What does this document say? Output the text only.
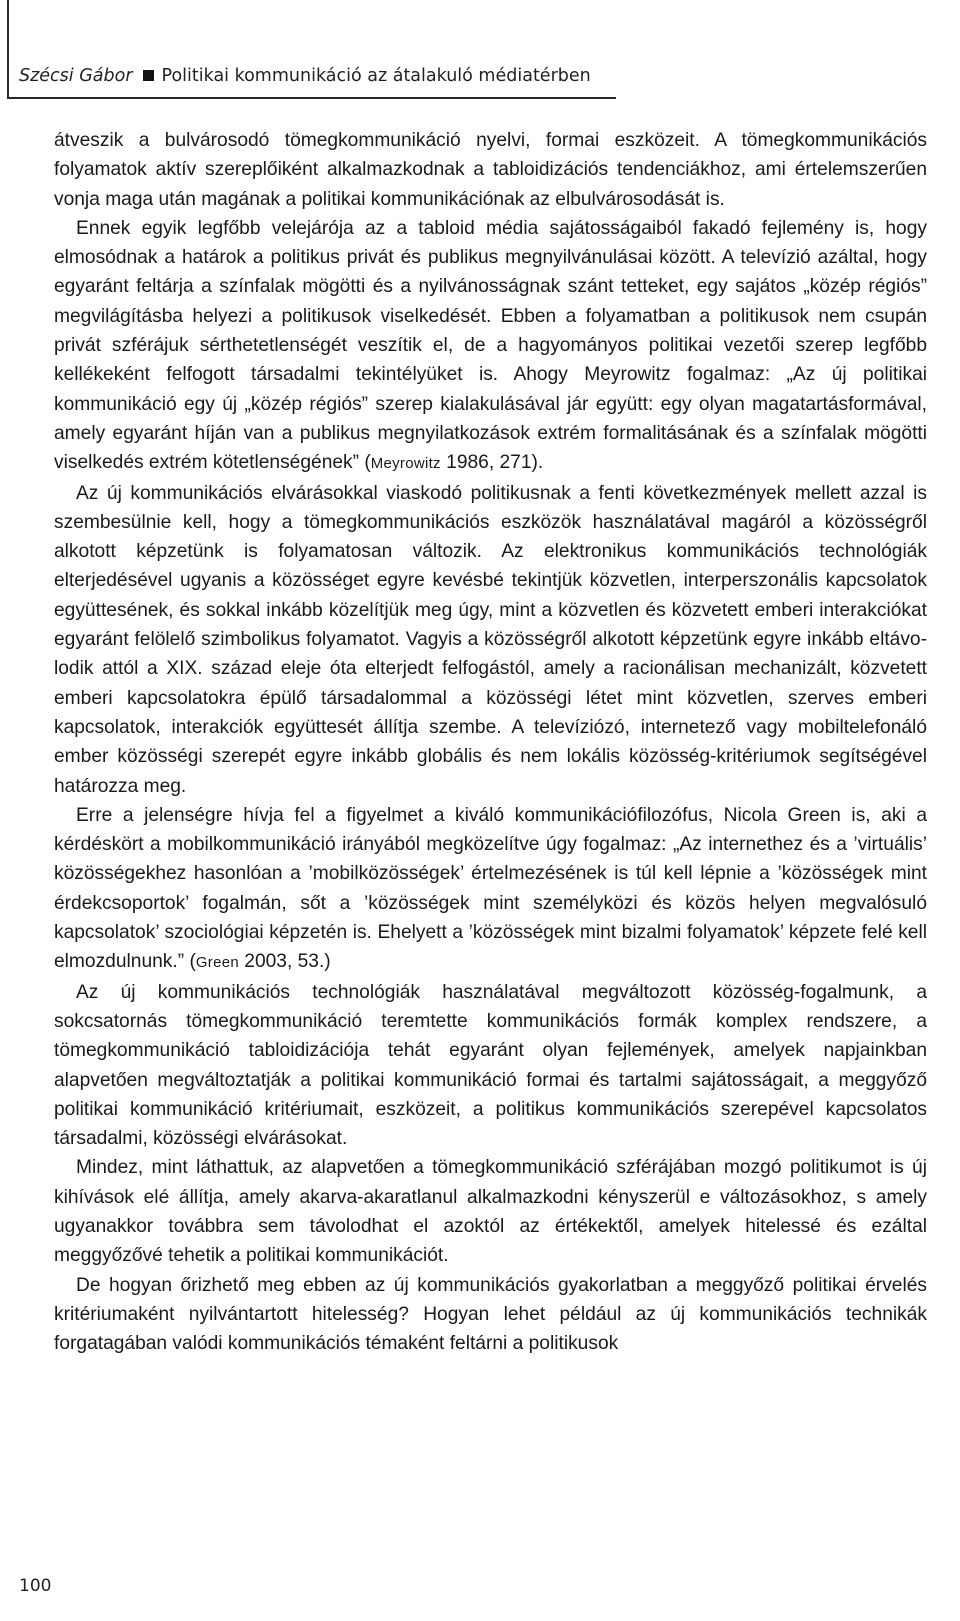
Szécsi Gábor Politikai kommunikáció az átalakuló médiatérben

átveszik a bulvárosodó tömegkommunikáció nyelvi, formai eszközeit. A tömegkommunikációs folyamatok aktív szereplőiként alkalmazkodnak a tabloidizációs tendenciákhoz, ami értelemszerűen vonja maga után magának a politikai kommunikációnak az elbulvárosodását is.

Ennek egyik legfőbb velejárója az a tabloid média sajátosságaiból fakadó fejlemény is, hogy elmosódnak a határok a politikus privát és publikus megnyilvánulásai között. A televízió azáltal, hogy egyaránt feltárja a színfalak mögötti és a nyilvánosságnak szánt tetteket, egy sajátos „közép régiós” megvilágításba helyezi a politikusok viselkedését. Ebben a folyamatban a politikusok nem csupán privát szférájuk sérthetetlenségét veszítik el, de a hagyományos politikai vezetői szerep legfőbb kellékeként felfogott társadalmi tekintélyüket is. Ahogy Meyrowitz fogalmaz: „Az új politikai kommunikáció egy új „közép régiós” szerep kialakulásával jár együtt: egy olyan magatartásformával, amely egyaránt híján van a publikus megnyilatkozások extrém formalitásának és a színfalak mögötti viselkedés extrém kötetlenségének” (Meyrowitz 1986, 271).

Az új kommunikációs elvárásokkal viaskodó politikusnak a fenti következmények mellett azzal is szembesülnie kell, hogy a tömegkommunikációs eszközök használatával magáról a közösségről alkotott képzetünk is folyamatosan változik. Az elektronikus kommunikációs technológiák elterjedésével ugyanis a közösséget egyre kevésbé tekintjük közvetlen, interperszonális kapcsolatok együttesének, és sokkal inkább közelítjük meg úgy, mint a közvetlen és közvetett emberi interakciókat egyaránt felölelő szimbolikus folyamatot. Vagyis a közösségről alkotott képzetünk egyre inkább eltávolodik attól a XIX. század eleje óta elterjedt felfogástól, amely a racionálisan mechanizált, közvetett emberi kapcsolatokra épülő társadalommal a közösségi létet mint közvetlen, szerves emberi kapcsolatok, interakciók együttesét állítja szembe. A televíziózó, internetező vagy mobiltelefonáló ember közösségi szerepét egyre inkább globális és nem lokális közösség-kritériumok segítségével határozza meg.

Erre a jelenségre hívja fel a figyelmet a kiváló kommunikációfilozófus, Nicola Green is, aki a kérdéskört a mobilkommunikáció irányából megközelítve úgy fogalmaz: „Az internethez és a ’virtuális’ közösségekhez hasonlóan a ’mobilközösségek’ értelmezésének is túl kell lépnie a ’közösségek mint érdekcsoportok’ fogalmán, sőt a ’közösségek mint személyközi és közös helyen megvalósuló kapcsolatok’ szociológiai képzetén is. Ehelyett a ’közösségek mint bizalmi folyamatok’ képzete felé kell elmozdulnunk.” (Green 2003, 53.)

Az új kommunikációs technológiák használatával megváltozott közösség-fogalmunk, a sokcsatornás tömegkommunikáció teremtette kommunikációs formák komplex rendszere, a tömegkommunikáció tabloidizációja tehát egyaránt olyan fejlemények, amelyek napjainkban alapvetően megváltoztatják a politikai kommunikáció formai és tartalmi sajátosságait, a meggyőző politikai kommunikáció kritériumait, eszközeit, a politikus kommunikációs szerepével kapcsolatos társadalmi, közösségi elvárásokat.

Mindez, mint láthattuk, az alapvetően a tömegkommunikáció szférájában mozgó politikumot is új kihívások elé állítja, amely akarva-akaratlanul alkalmazkodni kényszerül e változásokhoz, s amely ugyanakkor továbbra sem távolodhat el azoktól az értékektől, amelyek hitelessé és ezáltal meggyőzővé tehetik a politikai kommunikációt.

De hogyan őrizhető meg ebben az új kommunikációs gyakorlatban a meggyőző politikai érvelés kritériumaként nyilvántartott hitelesség? Hogyan lehet például az új kommunikációs technikák forgatagában valódi kommunikációs témaként feltárni a politikusok

100
